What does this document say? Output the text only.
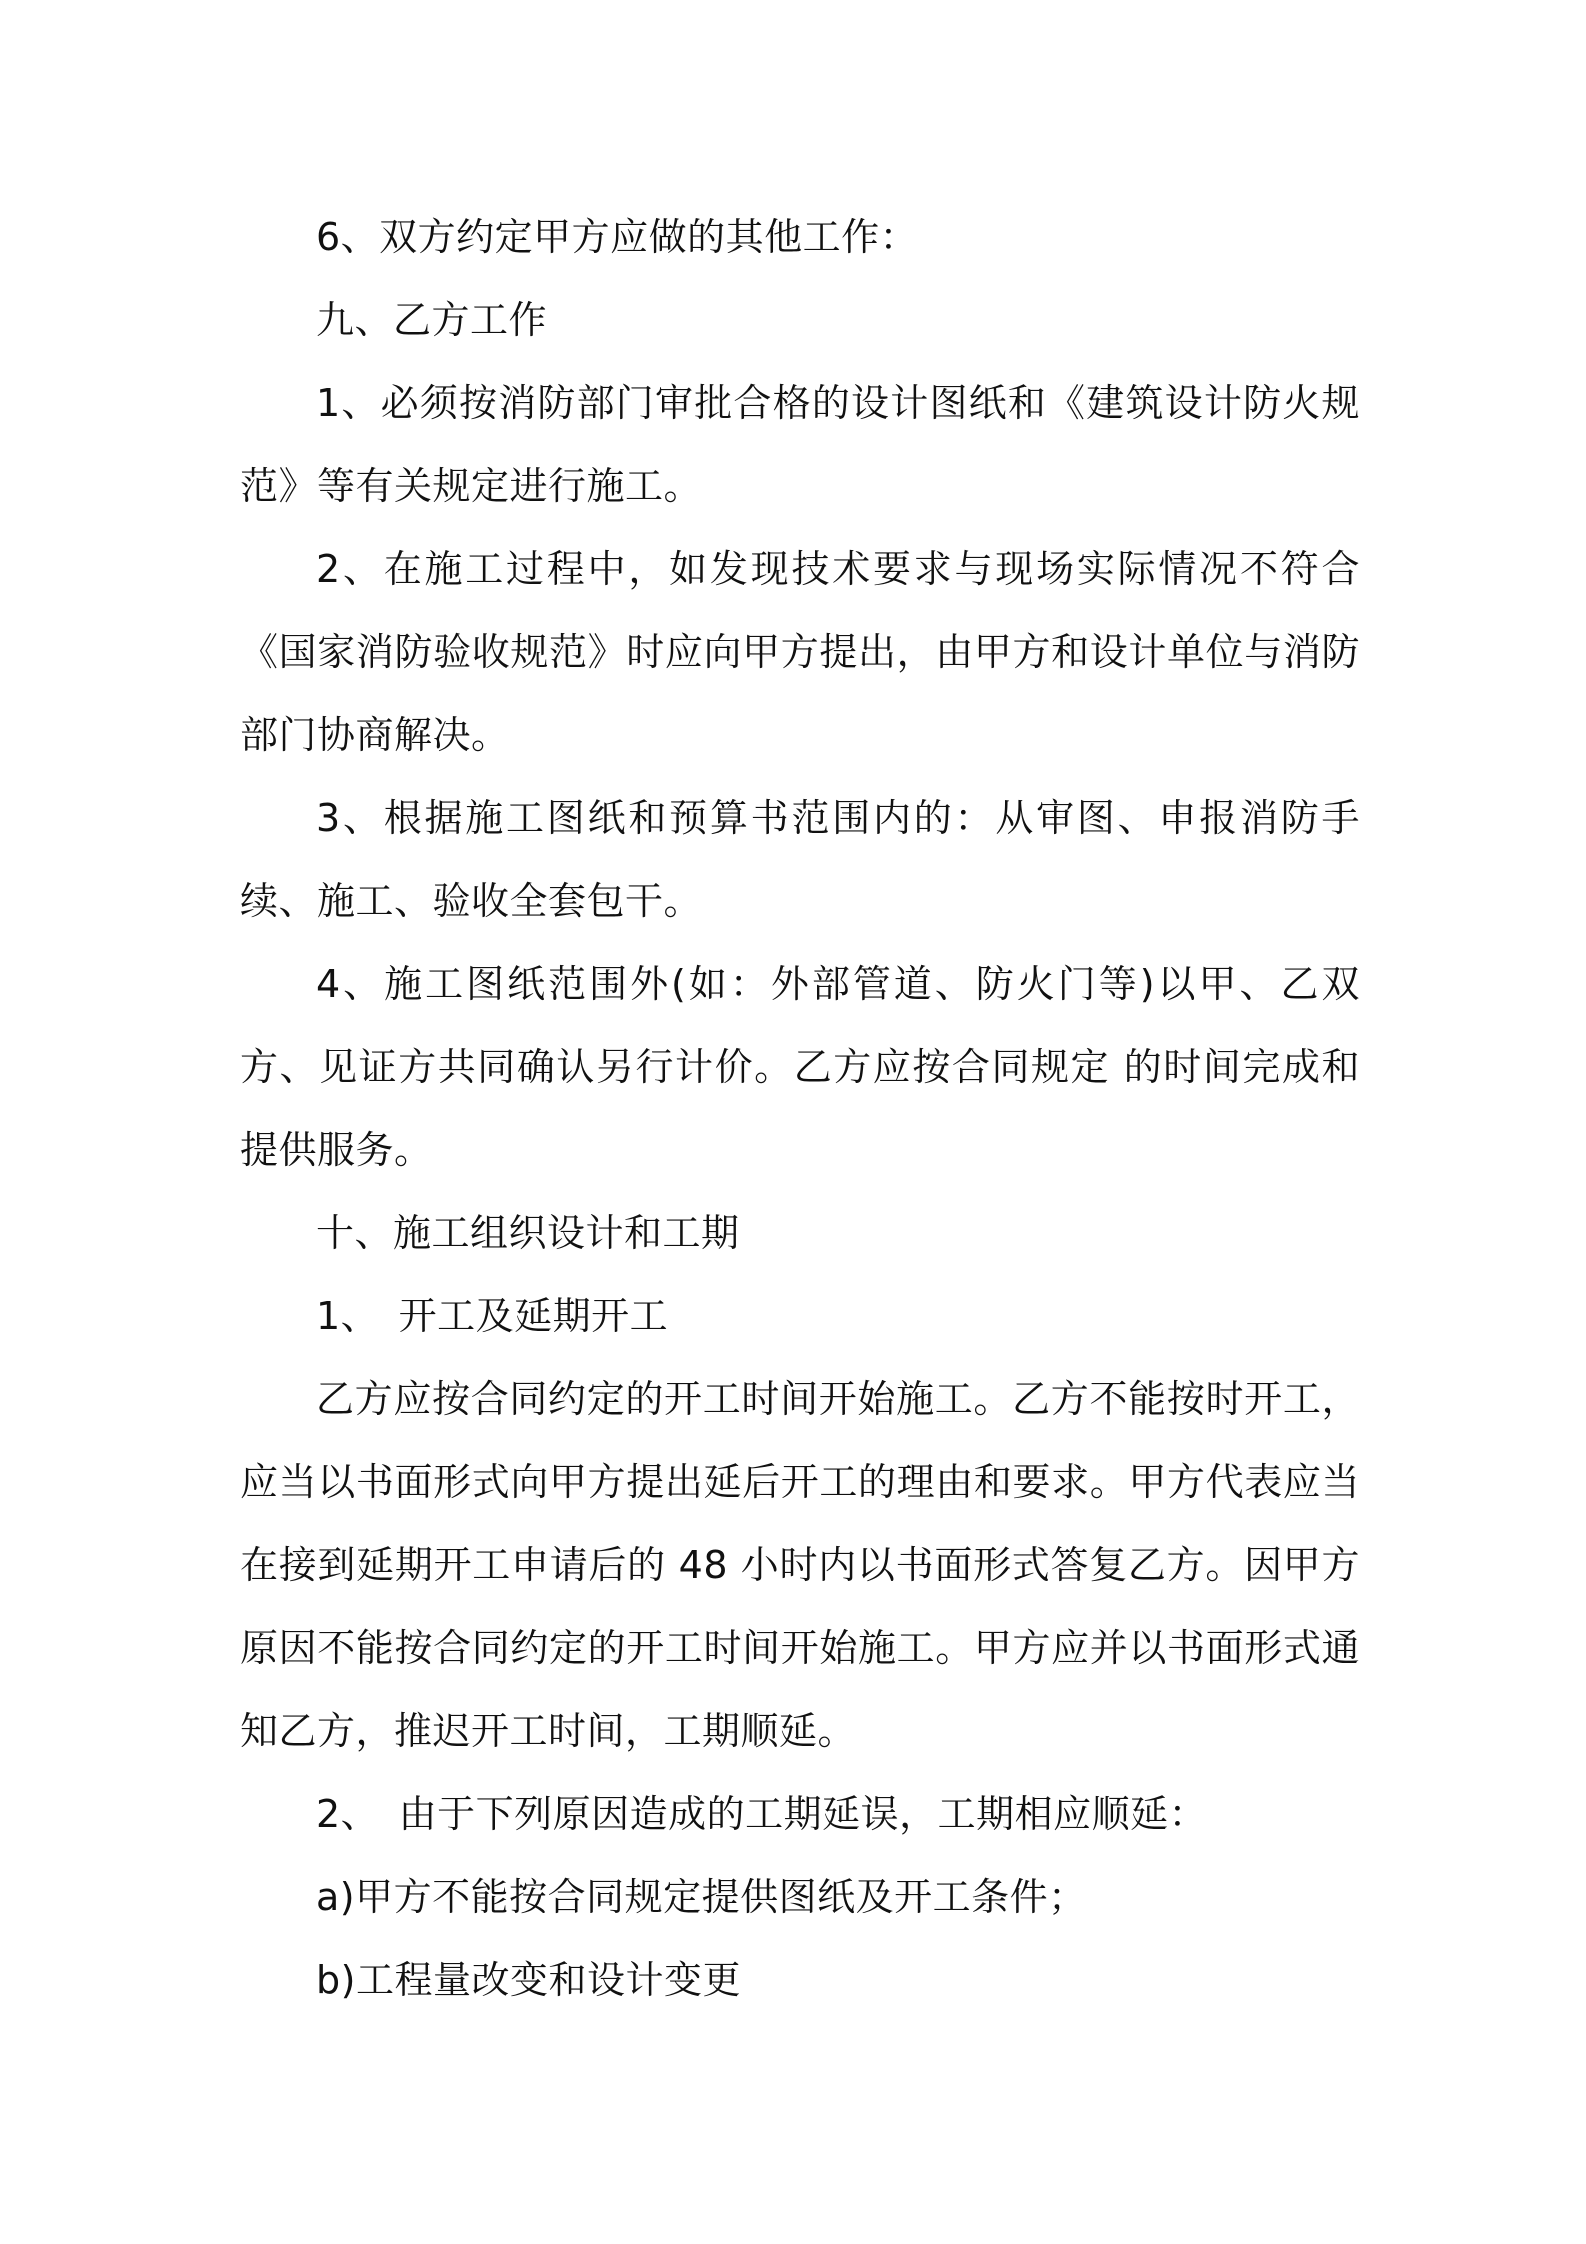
6、双方约定甲方应做的其他工作：

九、乙方工作

1、必须按消防部门审批合格的设计图纸和《建筑设计防火规范》等有关规定进行施工。

2、在施工过程中，如发现技术要求与现场实际情况不符合《国家消防验收规范》时应向甲方提出，由甲方和设计单位与消防部门协商解决。

3、根据施工图纸和预算书范围内的：从审图、申报消防手续、施工、验收全套包干。

4、施工图纸范围外(如：外部管道、防火门等)以甲、乙双方、见证方共同确认另行计价。乙方应按合同规定 的时间完成和提供服务。

十、施工组织设计和工期

1、　开工及延期开工

乙方应按合同约定的开工时间开始施工。乙方不能按时开工，应当以书面形式向甲方提出延后开工的理由和要求。甲方代表应当在接到延期开工申请后的 48 小时内以书面形式答复乙方。因甲方原因不能按合同约定的开工时间开始施工。甲方应并以书面形式通知乙方，推迟开工时间，工期顺延。

2、　由于下列原因造成的工期延误，工期相应顺延：

a)甲方不能按合同规定提供图纸及开工条件；

b)工程量改变和设计变更
